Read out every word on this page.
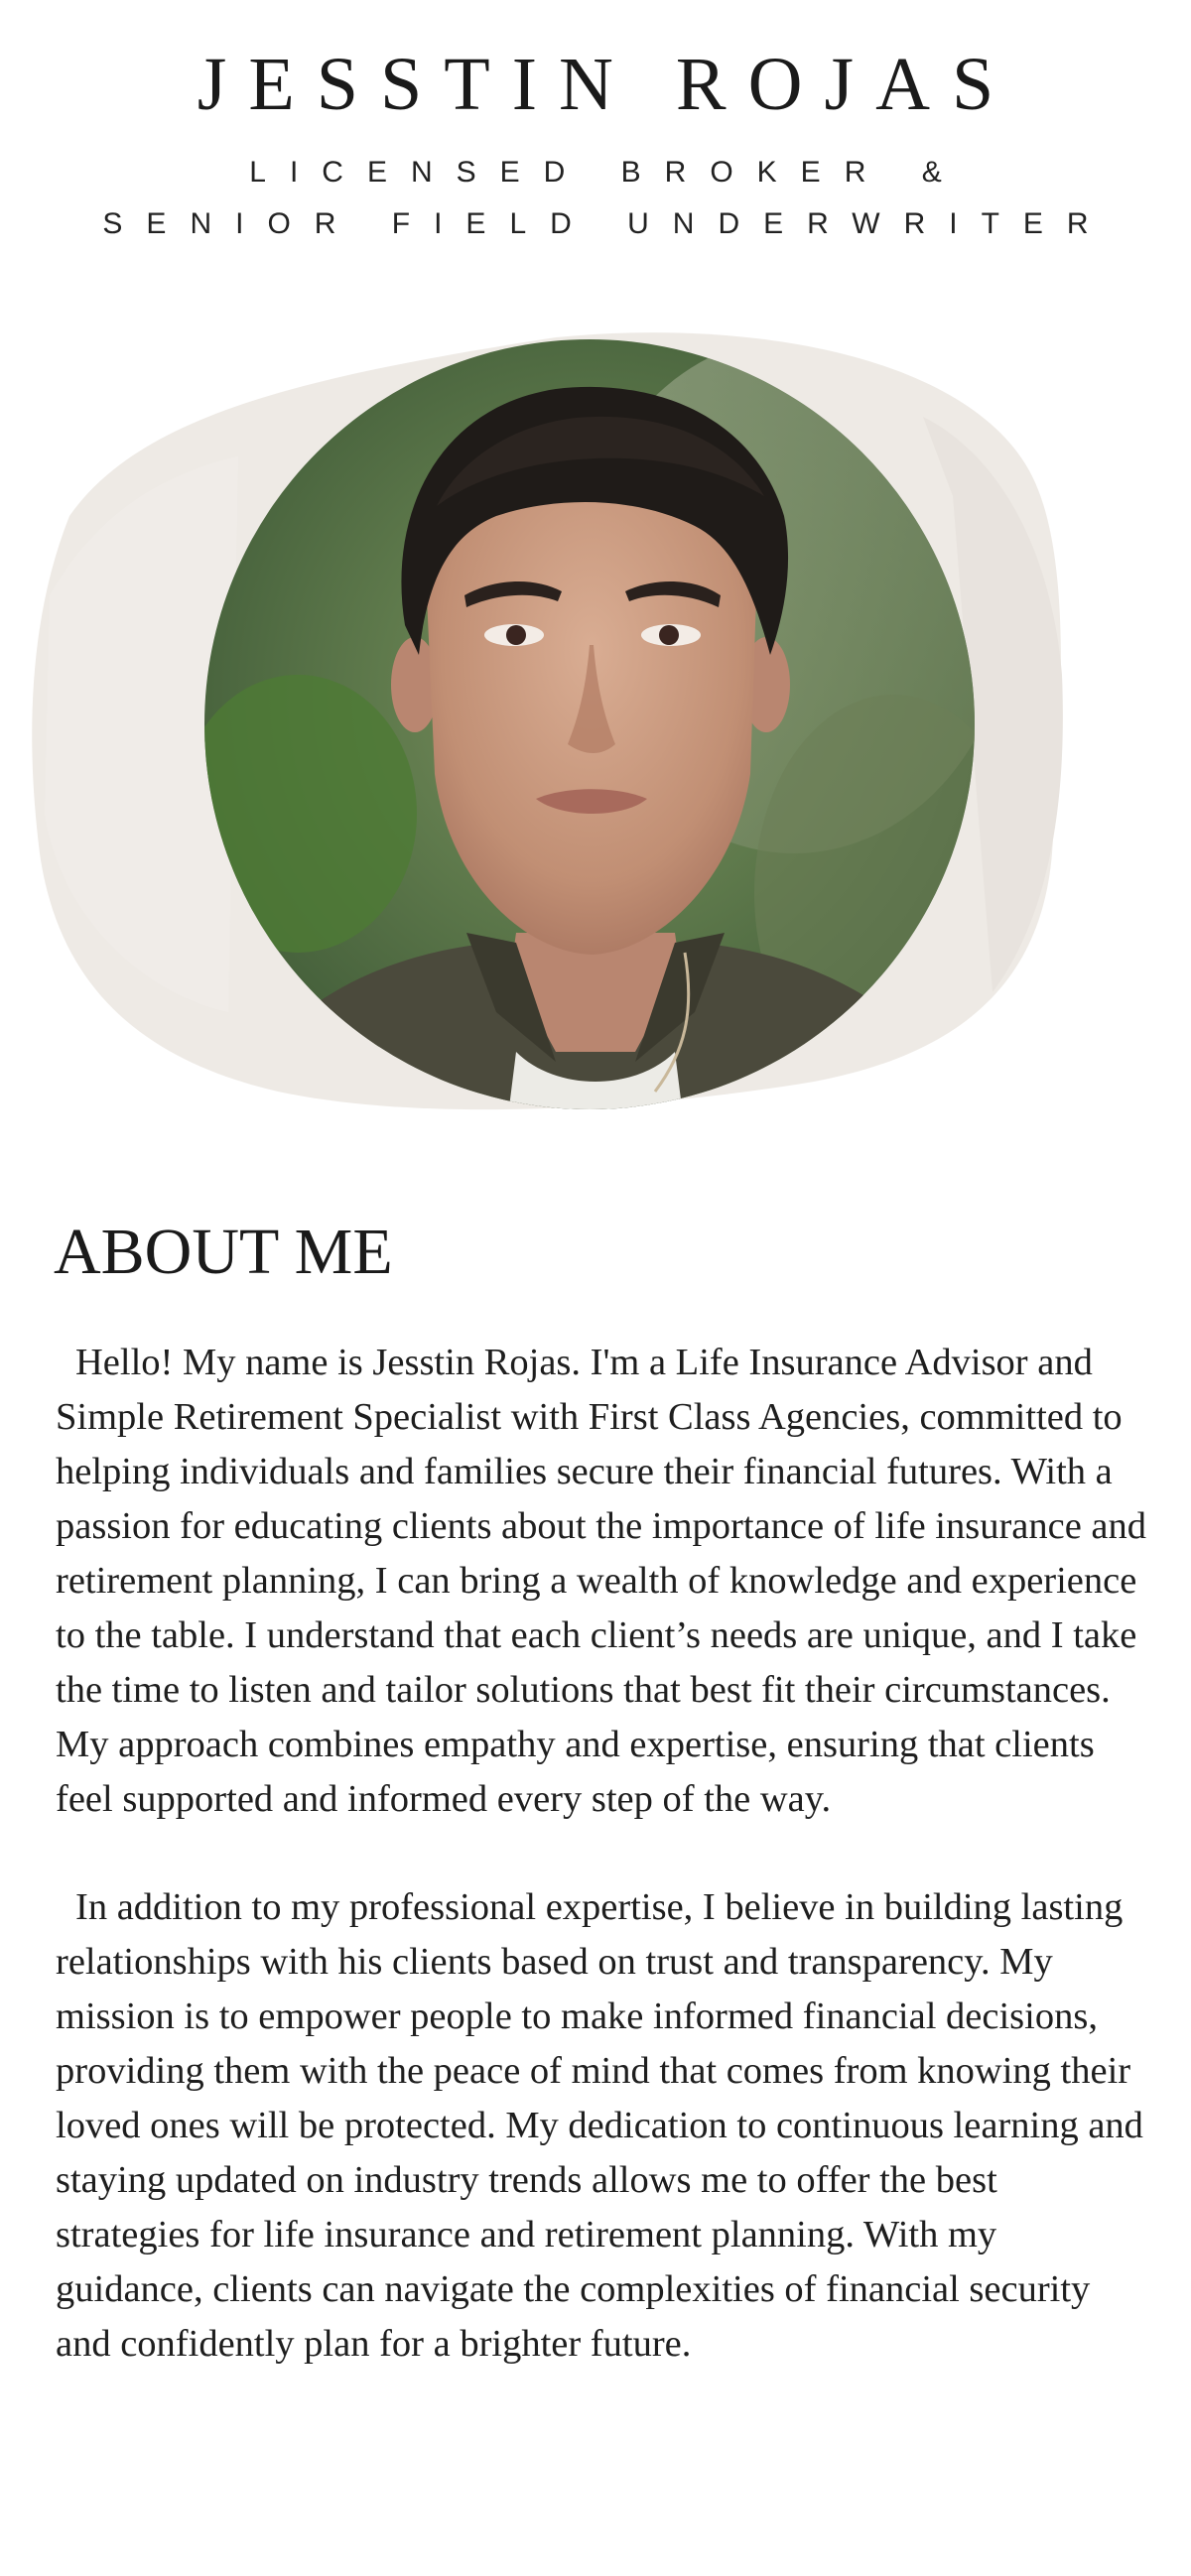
JESSTIN ROJAS
LICENSED BROKER &
SENIOR FIELD UNDERWRITER
ABOUT ME

Hello! My name is Jesstin Rojas. I'm a Life Insurance Advisor and Simple Retirement Specialist with First Class Agencies, committed to helping individuals and families secure their financial futures. With a passion for educating clients about the importance of life insurance and retirement planning, I can bring a wealth of knowledge and experience to the table. I understand that each client’s needs are unique, and I take the time to listen and tailor solutions that best fit their circumstances. My approach combines empathy and expertise, ensuring that clients feel supported and informed every step of the way.

In addition to my professional expertise, I believe in building lasting relationships with his clients based on trust and transparency. My mission is to empower people to make informed financial decisions, providing them with the peace of mind that comes from knowing their loved ones will be protected. My dedication to continuous learning and staying updated on industry trends allows me to offer the best strategies for life insurance and retirement planning. With my guidance, clients can navigate the complexities of financial security and confidently plan for a brighter future.
